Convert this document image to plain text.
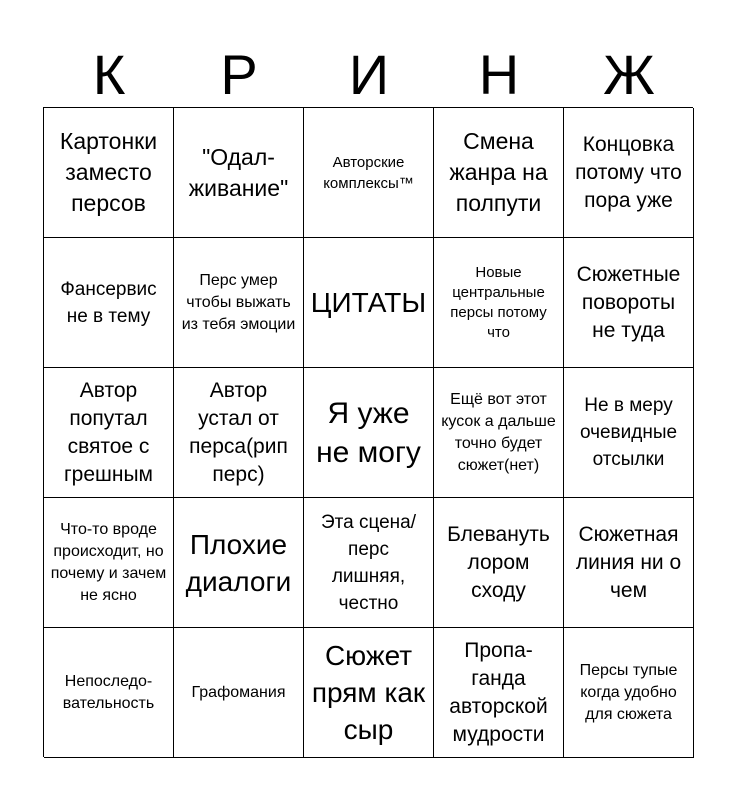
К	Р	И	Н	Ж
Картонки заместо персов
"Одал-живание"
Авторские комплексы™
Смена жанра на полпути
Концовка потому что пора уже
Фансервис не в тему
Перс умер чтобы выжать из тебя эмоции
ЦИТАТЫ
Новые центральные персы потому что
Сюжетные повороты не туда
Автор попутал святое с грешным
Автор устал от перса(рип перс)
Я уже не могу
Ещё вот этот кусок а дальше точно будет сюжет(нет)
Не в меру очевидные отсылки
Что-то вроде происходит, но почему и зачем не ясно
Плохие диалоги
Эта сцена/перс лишняя, честно
Блевануть лором сходу
Сюжетная линия ни о чем
Непоследо-вательность
Графомания
Сюжет прям как сыр
Пропа-ганда авторской мудрости
Персы тупые когда удобно для сюжета
